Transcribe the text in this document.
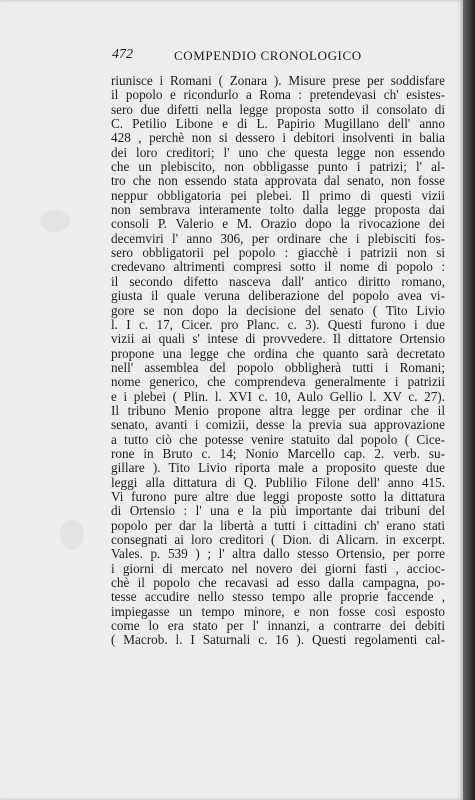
472	COMPENDIO CRONOLOGICO
riunisce i Romani ( Zonara ). Misure prese per soddisfare
il popolo e ricondurlo a Roma : pretendevasi ch' esistes-
sero due difetti nella legge proposta sotto il consolato di
C. Petilio Libone e di L. Papirio Mugillano dell' anno
428 , perchè non si dessero i debitori insolventi in balia
dei loro creditori; l' uno che questa legge non essendo
che un plebiscito, non obbligasse punto i patrizi; l' al-
tro che non essendo stata approvata dal senato, non fosse
neppur obbligatoria pei plebei. Il primo di questi vizii
non sembrava interamente tolto dalla legge proposta dai
consoli P. Valerio e M. Orazio dopo la rivocazione dei
decemviri l' anno 306, per ordinare che i plebisciti fos-
sero obbligatorii pel popolo : giacchè i patrizii non si
credevano altrimenti compresi sotto il nome di popolo :
il secondo difetto nasceva dall' antico diritto romano,
giusta il quale veruna deliberazione del popolo avea vi-
gore se non dopo la decisione del senato ( Tito Livio
l. I c. 17, Cicer. pro Planc. c. 3). Questi furono i due
vizii ai quali s' intese di provvedere. Il dittatore Ortensio
propone una legge che ordina che quanto sarà decretato
nell' assemblea del popolo obbligherà tutti i Romani;
nome generico, che comprendeva generalmente i patrizii
e i plebei ( Plin. l. XVI c. 10, Aulo Gellio l. XV c. 27).
Il tribuno Menio propone altra legge per ordinar che il
senato, avanti i comizii, desse la previa sua approvazione
a tutto ciò che potesse venire statuito dal popolo ( Cice-
rone in Bruto c. 14; Nonio Marcello cap. 2. verb. su-
gillare ). Tito Livio riporta male a proposito queste due
leggi alla dittatura di Q. Publilio Filone dell' anno 415.
Vi furono pure altre due leggi proposte sotto la dittatura
di Ortensio : l' una e la più importante dai tribuni del
popolo per dar la libertà a tutti i cittadini ch' erano stati
consegnati ai loro creditori ( Dion. di Alicarn. in excerpt.
Vales. p. 539 ) ; l' altra dallo stesso Ortensio, per porre
i giorni di mercato nel novero dei giorni fasti , accioc-
chè il popolo che recavasi ad esso dalla campagna, po-
tesse accudire nello stesso tempo alle proprie faccende ,
impiegasse un tempo minore, e non fosse così esposto
come lo era stato per l' innanzi, a contrarre dei debiti
( Macrob. l. I Saturnali c. 16 ). Questi regolamenti cal-
